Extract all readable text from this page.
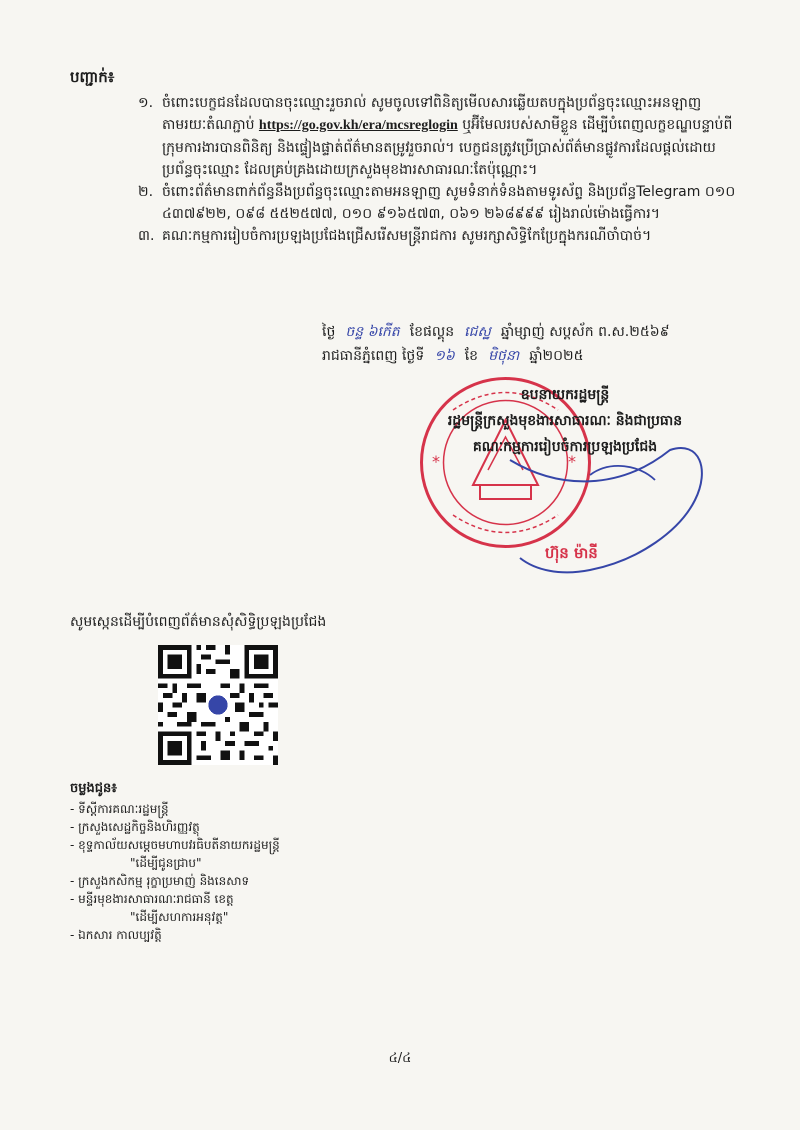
បញ្ជាក់៖
១. ចំពោះបេក្ខជនដែលបានចុះឈ្មោះរួចរាល់ សូមចូលទៅពិនិត្យមើលសារឆ្លើយតបក្នុងប្រព័ន្ធចុះឈ្មោះអនឡាញ តាមរយៈតំណភ្ជាប់ https://go.gov.kh/era/mcsreglogin ឬអ៊ីមែលរបស់សាមីខ្លួន ដើម្បីបំពេញលក្ខខណ្ឌបន្ទាប់ពីក្រុមការងារបានពិនិត្យ និងផ្ទៀងផ្ទាត់ព័ត៌មានតម្រូវរួចរាល់។ បេក្ខជនត្រូវប្រើប្រាស់ព័ត៌មានផ្លូវការដែលផ្តល់ដោយប្រព័ន្ធចុះឈ្មោះ ដែលគ្រប់គ្រងដោយក្រសួងមុខងារសាធារណៈតែប៉ុណ្ណោះ។
២. ចំពោះព័ត៌មានពាក់ព័ន្ធនឹងប្រព័ន្ធចុះឈ្មោះតាមអនឡាញ សូមទំនាក់ទំនងតាមទូរស័ព្ទ និងប្រព័ន្ធTelegram ០១០ ៤៣៧៩២២, ០៩៨ ៥៥២៥៧៧, ០១០ ៩១៦៥៧៣, ០៦១ ២៦៨៩៩៩ រៀងរាល់ម៉ោងធ្វើការ។
៣. គណៈកម្មការរៀបចំការប្រឡងប្រជែងជ្រើសរើសមន្ត្រីរាជការ សូមរក្សាសិទ្ធិកែប្រែក្នុងករណីចាំបាច់។
ថ្ងៃ ចន្ទ ៦កើត ខែផល្គុន ជេស្ឋ ឆ្នាំម្សាញ់ សប្តស័ក ព.ស.២៥៦៩
រាជធានីភ្នំពេញ ថ្ងៃទី ១៦ ខែ មិថុនា ឆ្នាំ២០២៥
*	*
ឧបនាយករដ្ឋមន្ត្រី
រដ្ឋមន្ត្រីក្រសួងមុខងារសាធារណៈ និងជាប្រធាន
គណៈកម្មការរៀបចំការប្រឡងប្រជែង
ហ៊ុន ម៉ានី
សូមស្កេនដើម្បីបំពេញព័ត៌មានសុំសិទ្ធិប្រឡងប្រជែង
ចម្លងជូន៖
- ទីស្តីការគណៈរដ្ឋមន្ត្រី
- ក្រសួងសេដ្ឋកិច្ចនិងហិរញ្ញវត្ថុ
- ខុទ្ទកាល័យសម្តេចមហាបវរធិបតីនាយករដ្ឋមន្ត្រី
"ដើម្បីជូនជ្រាប"
- ក្រសួងកសិកម្ម រុក្ខាប្រមាញ់ និងនេសាទ
- មន្ទីរមុខងារសាធារណៈរាជធានី ខេត្ត
"ដើម្បីសហការអនុវត្ត"
- ឯកសារ កាលប្បវត្តិ
៤/៤
